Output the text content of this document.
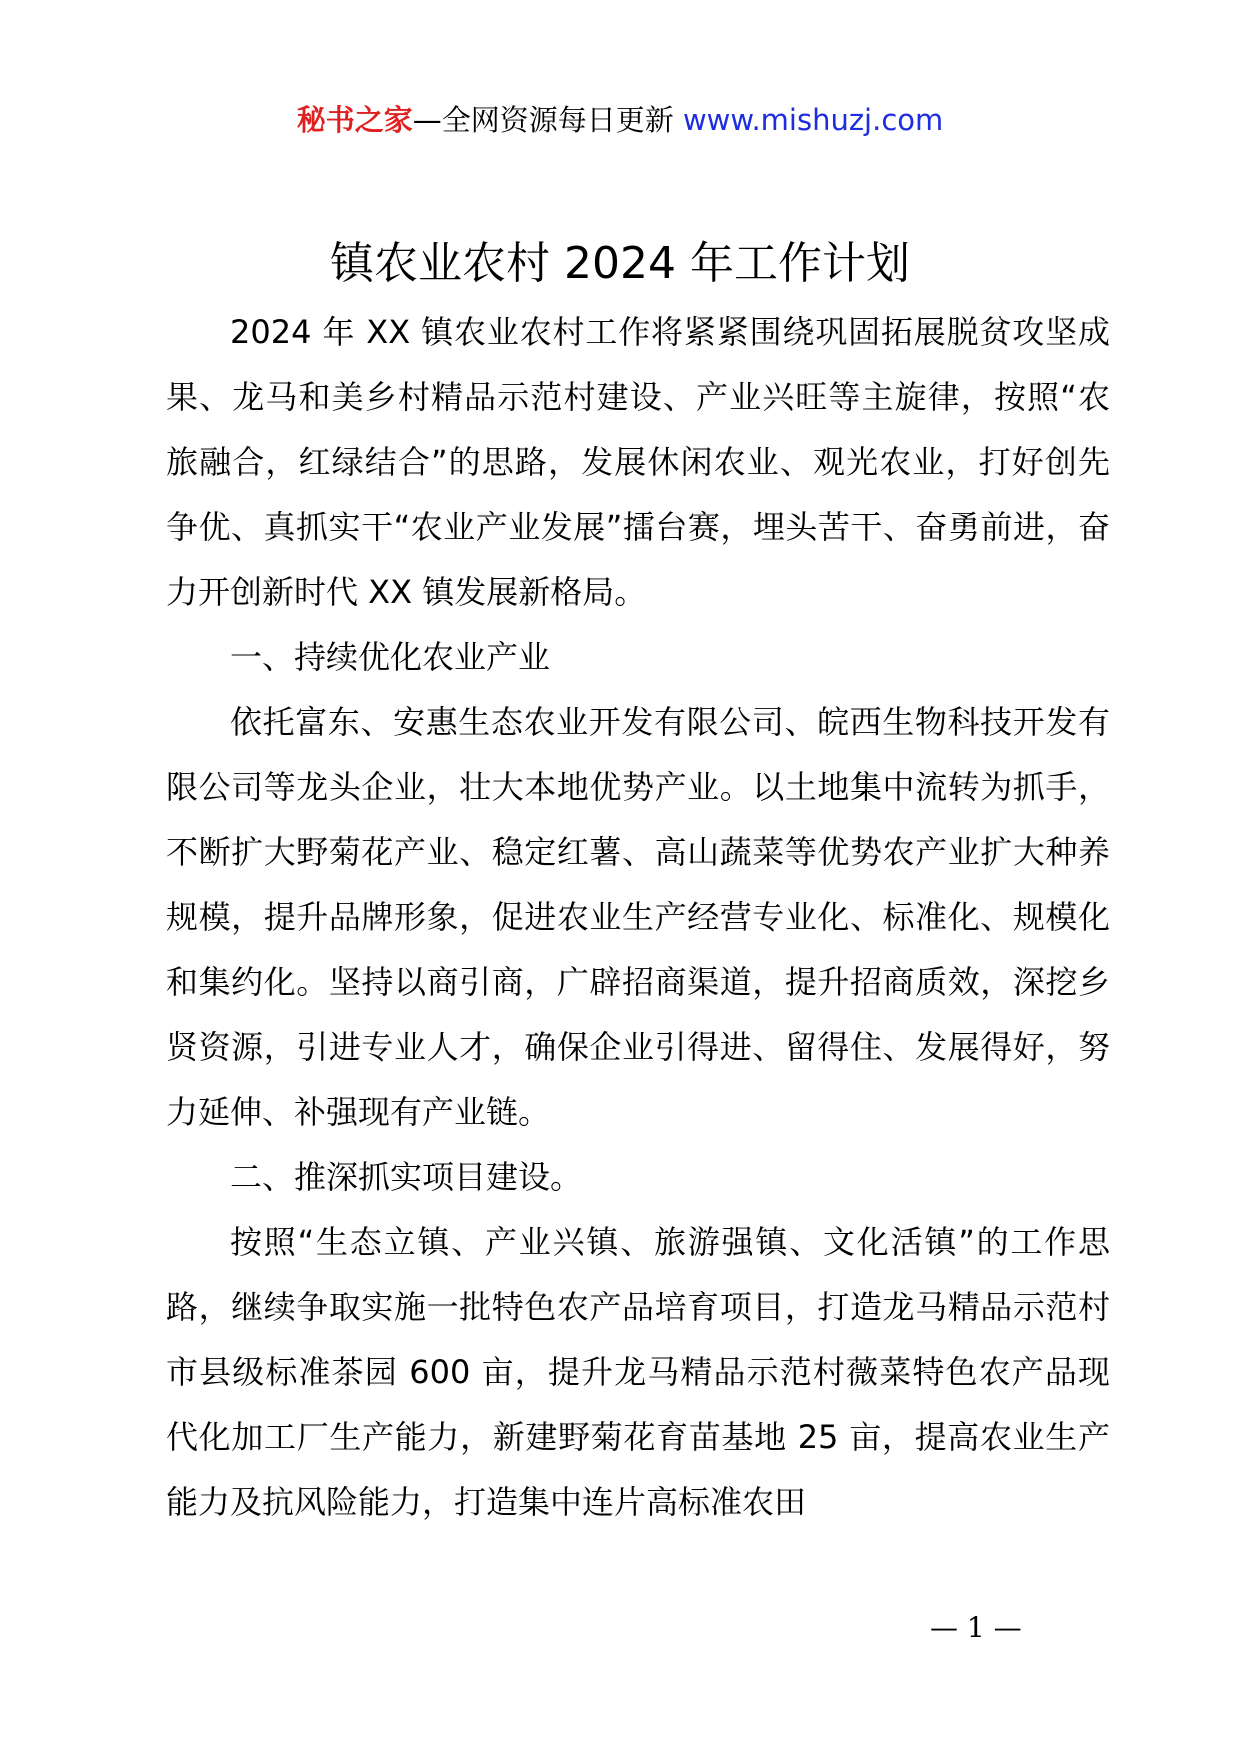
秘书之家—全网资源每日更新 www.mishuzj.com
镇农业农村 2024 年工作计划

2024 年 XX 镇农业农村工作将紧紧围绕巩固拓展脱贫攻坚成果、龙马和美乡村精品示范村建设、产业兴旺等主旋律，按照“农旅融合，红绿结合”的思路，发展休闲农业、观光农业，打好创先争优、真抓实干“农业产业发展”擂台赛，埋头苦干、奋勇前进，奋力开创新时代 XX 镇发展新格局。

一、持续优化农业产业

依托富东、安惠生态农业开发有限公司、皖西生物科技开发有限公司等龙头企业，壮大本地优势产业。以土地集中流转为抓手，不断扩大野菊花产业、稳定红薯、高山蔬菜等优势农产业扩大种养规模，提升品牌形象，促进农业生产经营专业化、标准化、规模化和集约化。坚持以商引商，广辟招商渠道，提升招商质效，深挖乡贤资源，引进专业人才，确保企业引得进、留得住、发展得好，努力延伸、补强现有产业链。

二、推深抓实项目建设。

按照“生态立镇、产业兴镇、旅游强镇、文化活镇”的工作思路，继续争取实施一批特色农产品培育项目，打造龙马精品示范村市县级标准茶园 600 亩，提升龙马精品示范村薇菜特色农产品现代化加工厂生产能力，新建野菊花育苗基地 25 亩，提高农业生产能力及抗风险能力，打造集中连片高标准农田

— 1 —
